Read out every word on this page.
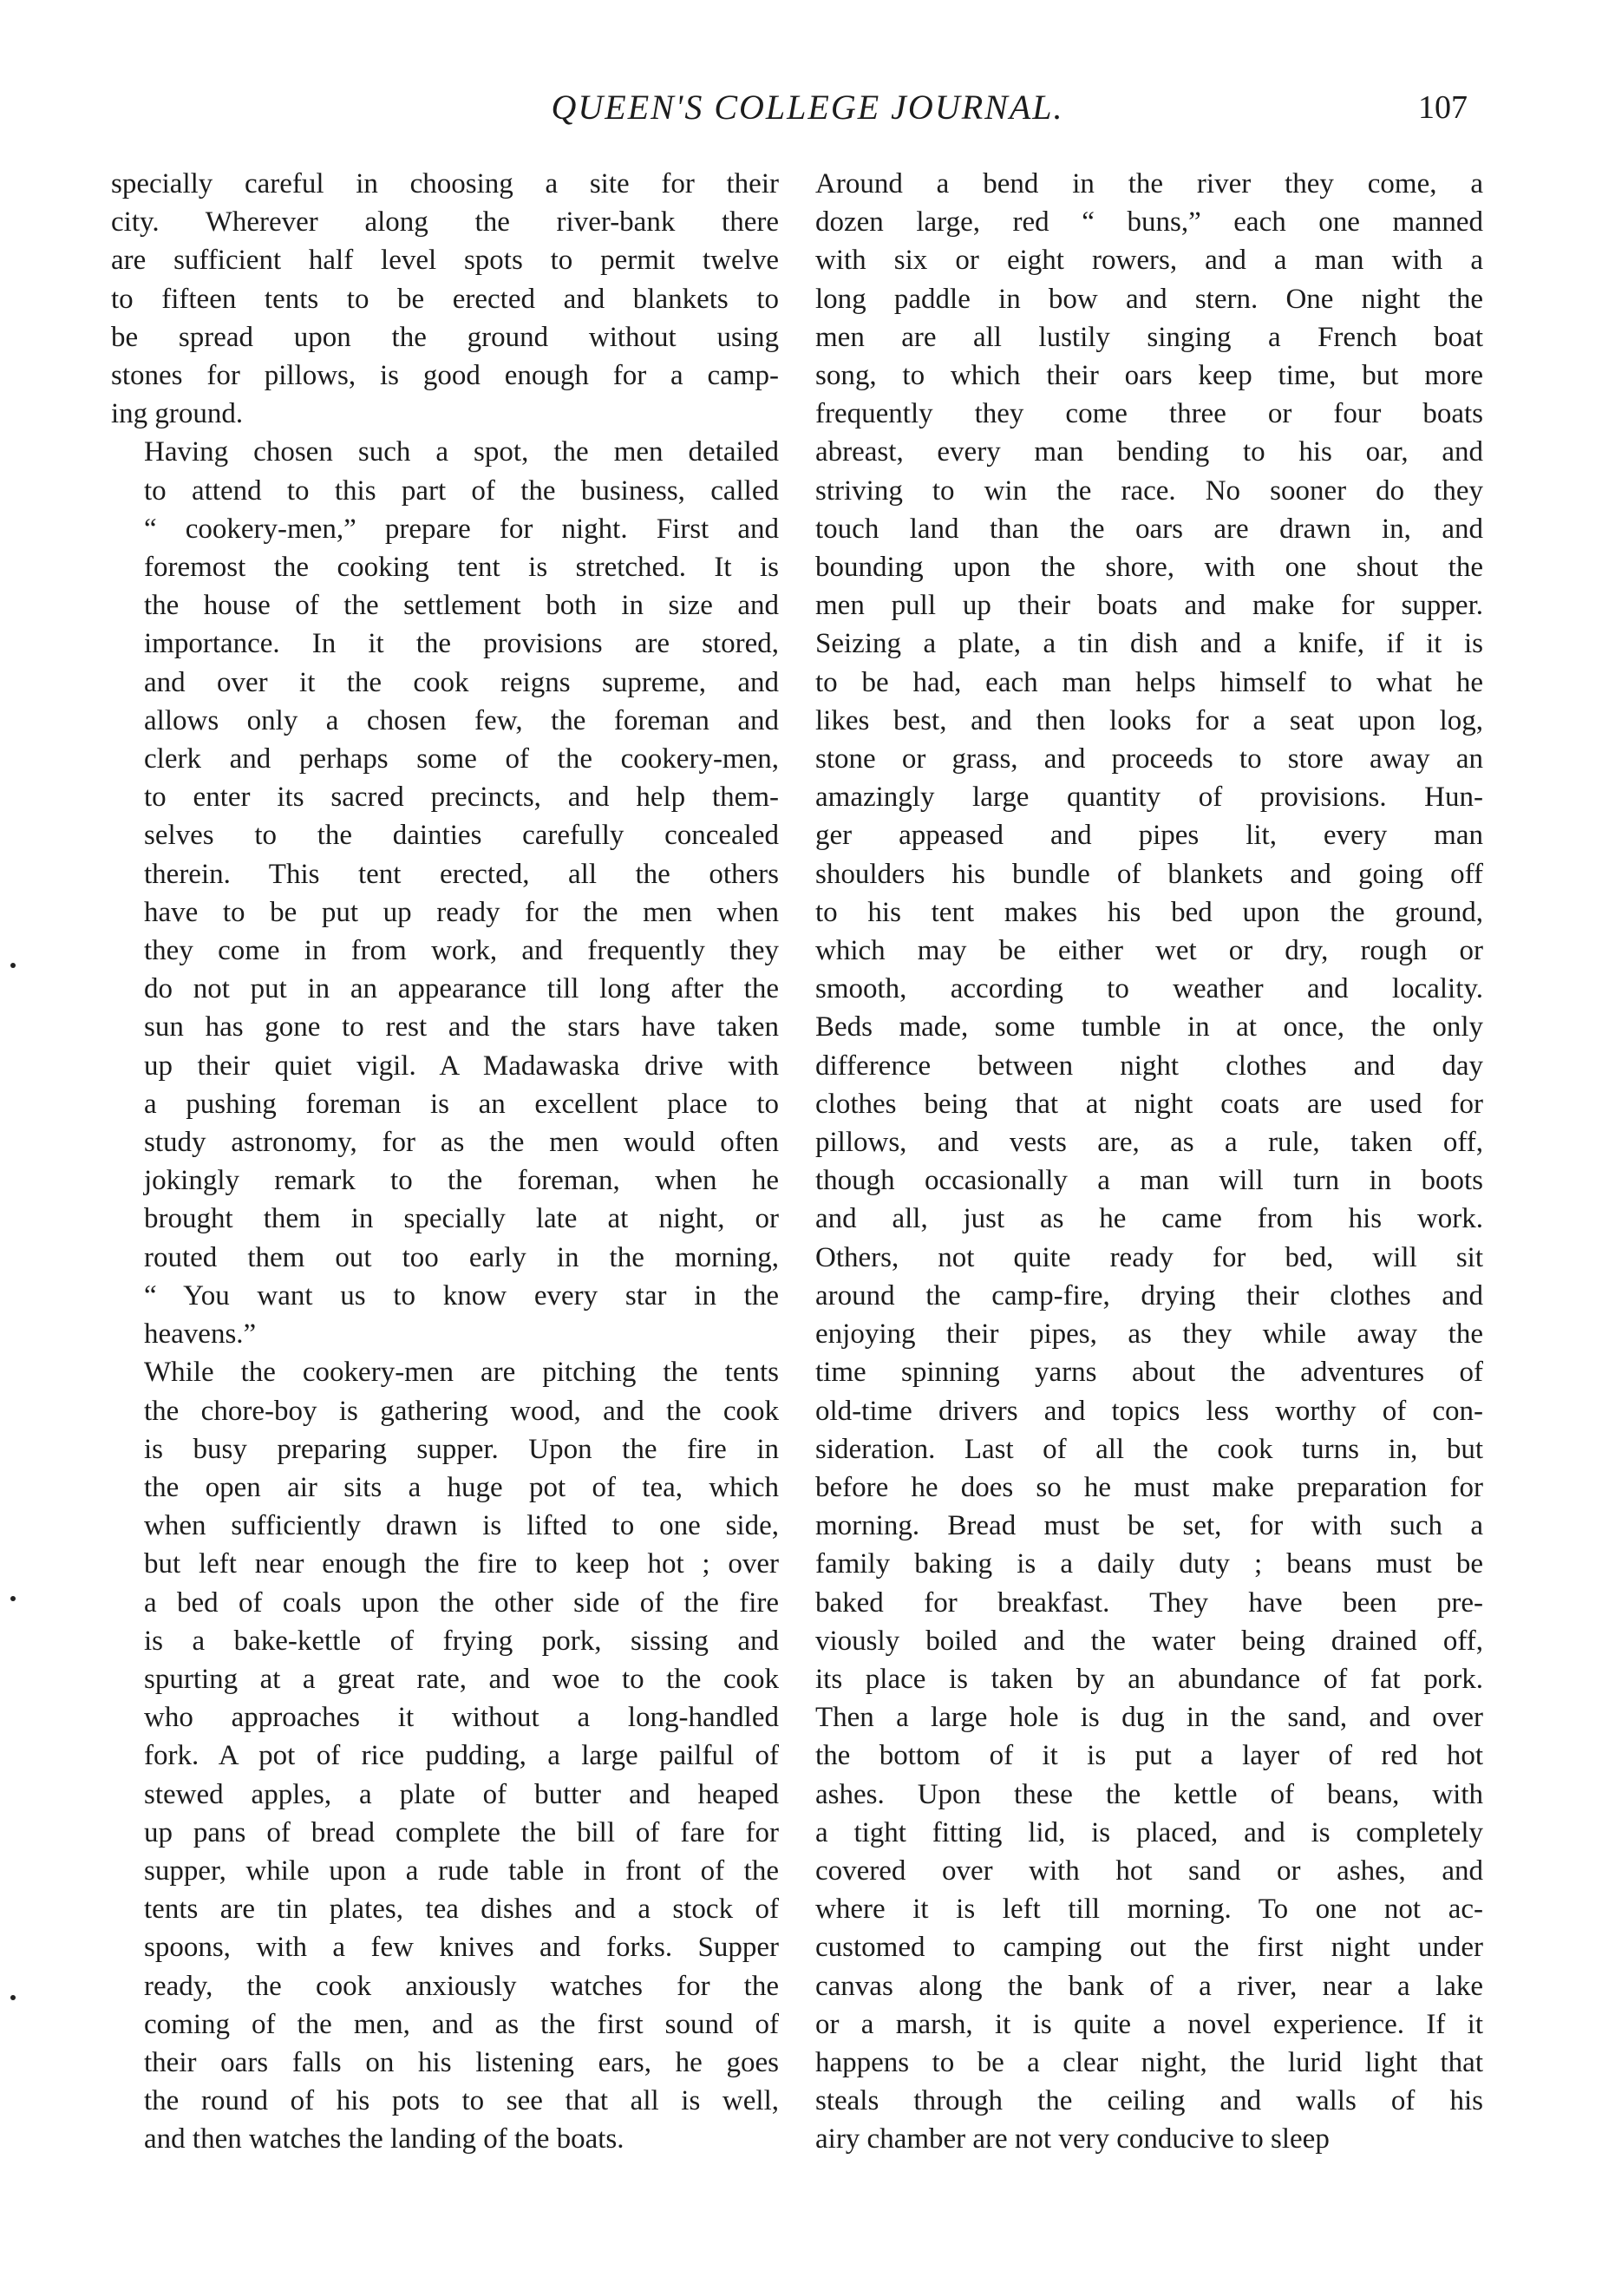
QUEEN'S COLLEGE JOURNAL.	107
specially careful in choosing a site for their
city. Wherever along the river-bank there
are sufficient half level spots to permit twelve
to fifteen tents to be erected and blankets to
be spread upon the ground without using
stones for pillows, is good enough for a camp-
ing ground.
Having chosen such a spot, the men detailed
to attend to this part of the business, called
“ cookery-men,” prepare for night. First and
foremost the cooking tent is stretched. It is
the house of the settlement both in size and
importance. In it the provisions are stored,
and over it the cook reigns supreme, and
allows only a chosen few, the foreman and
clerk and perhaps some of the cookery-men,
to enter its sacred precincts, and help them-
selves to the dainties carefully concealed
therein. This tent erected, all the others
have to be put up ready for the men when
they come in from work, and frequently they
do not put in an appearance till long after the
sun has gone to rest and the stars have taken
up their quiet vigil. A Madawaska drive with
a pushing foreman is an excellent place to
study astronomy, for as the men would often
jokingly remark to the foreman, when he
brought them in specially late at night, or
routed them out too early in the morning,
“ You want us to know every star in the
heavens.”
While the cookery-men are pitching the tents
the chore-boy is gathering wood, and the cook
is busy preparing supper. Upon the fire in
the open air sits a huge pot of tea, which
when sufficiently drawn is lifted to one side,
but left near enough the fire to keep hot ; over
a bed of coals upon the other side of the fire
is a bake-kettle of frying pork, sissing and
spurting at a great rate, and woe to the cook
who approaches it without a long-handled
fork. A pot of rice pudding, a large pailful of
stewed apples, a plate of butter and heaped
up pans of bread complete the bill of fare for
supper, while upon a rude table in front of the
tents are tin plates, tea dishes and a stock of
spoons, with a few knives and forks. Supper
ready, the cook anxiously watches for the
coming of the men, and as the first sound of
their oars falls on his listening ears, he goes
the round of his pots to see that all is well,
and then watches the landing of the boats.
Around a bend in the river they come, a
dozen large, red “ buns,” each one manned
with six or eight rowers, and a man with a
long paddle in bow and stern. One night the
men are all lustily singing a French boat
song, to which their oars keep time, but more
frequently they come three or four boats
abreast, every man bending to his oar, and
striving to win the race. No sooner do they
touch land than the oars are drawn in, and
bounding upon the shore, with one shout the
men pull up their boats and make for supper.
Seizing a plate, a tin dish and a knife, if it is
to be had, each man helps himself to what he
likes best, and then looks for a seat upon log,
stone or grass, and proceeds to store away an
amazingly large quantity of provisions. Hun-
ger appeased and pipes lit, every man
shoulders his bundle of blankets and going off
to his tent makes his bed upon the ground,
which may be either wet or dry, rough or
smooth, according to weather and locality.
Beds made, some tumble in at once, the only
difference between night clothes and day
clothes being that at night coats are used for
pillows, and vests are, as a rule, taken off,
though occasionally a man will turn in boots
and all, just as he came from his work.
Others, not quite ready for bed, will sit
around the camp-fire, drying their clothes and
enjoying their pipes, as they while away the
time spinning yarns about the adventures of
old-time drivers and topics less worthy of con-
sideration. Last of all the cook turns in, but
before he does so he must make preparation for
morning. Bread must be set, for with such a
family baking is a daily duty ; beans must be
baked for breakfast. They have been pre-
viously boiled and the water being drained off,
its place is taken by an abundance of fat pork.
Then a large hole is dug in the sand, and over
the bottom of it is put a layer of red hot
ashes. Upon these the kettle of beans, with
a tight fitting lid, is placed, and is completely
covered over with hot sand or ashes, and
where it is left till morning. To one not ac-
customed to camping out the first night under
canvas along the bank of a river, near a lake
or a marsh, it is quite a novel experience. If it
happens to be a clear night, the lurid light that
steals through the ceiling and walls of his
airy chamber are not very conducive to sleep
